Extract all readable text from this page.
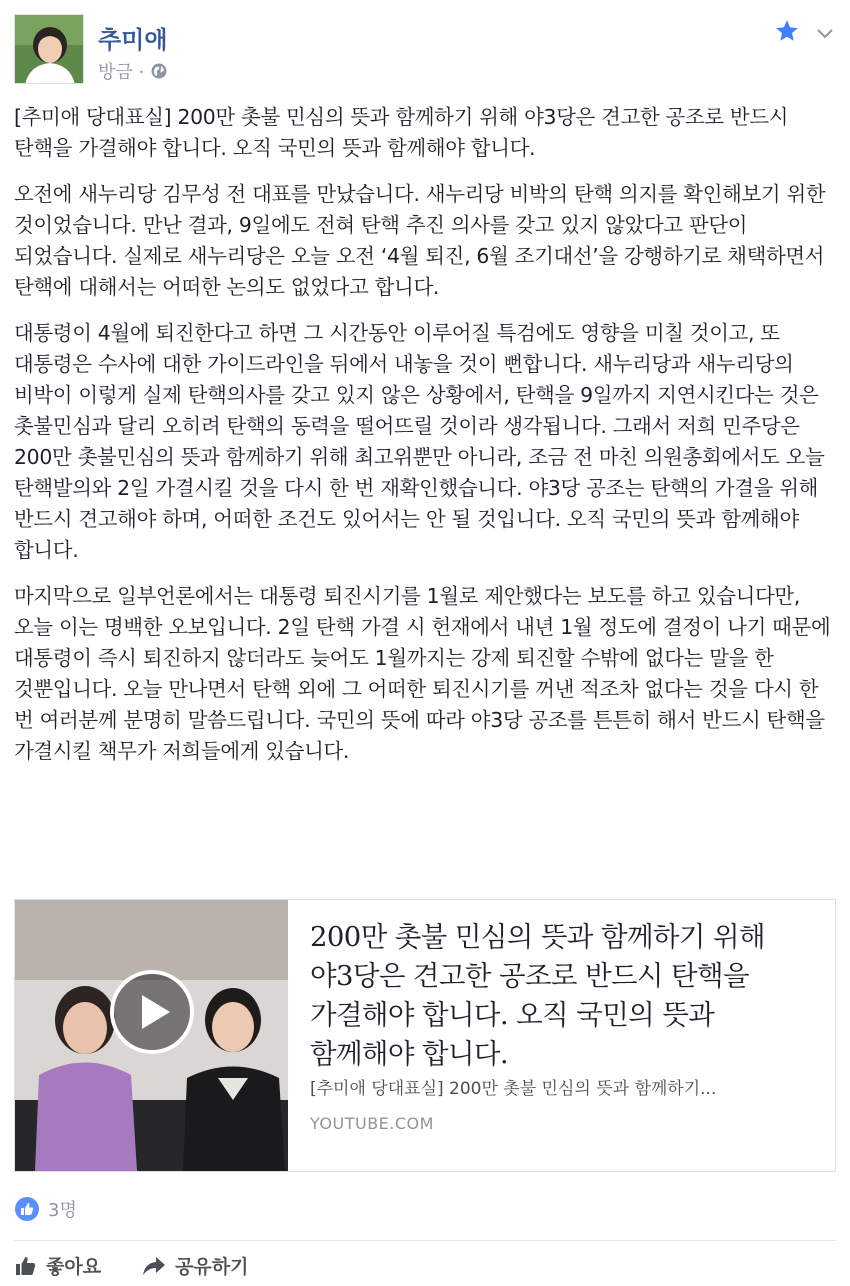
추미애
방금 ·

[추미애 당대표실] 200만 촛불 민심의 뜻과 함께하기 위해 야3당은 견고한 공조로 반드시 탄핵을 가결해야 합니다. 오직 국민의 뜻과 함께해야 합니다.

오전에 새누리당 김무성 전 대표를 만났습니다. 새누리당 비박의 탄핵 의지를 확인해보기 위한 것이었습니다. 만난 결과, 9일에도 전혀 탄핵 추진 의사를 갖고 있지 않았다고 판단이 되었습니다. 실제로 새누리당은 오늘 오전 ‘4월 퇴진, 6월 조기대선’을 강행하기로 채택하면서 탄핵에 대해서는 어떠한 논의도 없었다고 합니다.

대통령이 4월에 퇴진한다고 하면 그 시간동안 이루어질 특검에도 영향을 미칠 것이고, 또 대통령은 수사에 대한 가이드라인을 뒤에서 내놓을 것이 뻔합니다. 새누리당과 새누리당의 비박이 이렇게 실제 탄핵의사를 갖고 있지 않은 상황에서, 탄핵을 9일까지 지연시킨다는 것은 촛불민심과 달리 오히려 탄핵의 동력을 떨어뜨릴 것이라 생각됩니다. 그래서 저희 민주당은 200만 촛불민심의 뜻과 함께하기 위해 최고위뿐만 아니라, 조금 전 마친 의원총회에서도 오늘 탄핵발의와 2일 가결시킬 것을 다시 한 번 재확인했습니다. 야3당 공조는 탄핵의 가결을 위해 반드시 견고해야 하며, 어떠한 조건도 있어서는 안 될 것입니다. 오직 국민의 뜻과 함께해야 합니다.

마지막으로 일부언론에서는 대통령 퇴진시기를 1월로 제안했다는 보도를 하고 있습니다만, 오늘 이는 명백한 오보입니다. 2일 탄핵 가결 시 헌재에서 내년 1월 정도에 결정이 나기 때문에 대통령이 즉시 퇴진하지 않더라도 늦어도 1월까지는 강제 퇴진할 수밖에 없다는 말을 한 것뿐입니다. 오늘 만나면서 탄핵 외에 그 어떠한 퇴진시기를 꺼낸 적조차 없다는 것을 다시 한 번 여러분께 분명히 말씀드립니다. 국민의 뜻에 따라 야3당 공조를 튼튼히 해서 반드시 탄핵을 가결시킬 책무가 저희들에게 있습니다.

200만 촛불 민심의 뜻과 함께하기 위해 야3당은 견고한 공조로 반드시 탄핵을 가결해야 합니다. 오직 국민의 뜻과 함께해야 합니다.
[추미애 당대표실] 200만 촛불 민심의 뜻과 함께하기...
YOUTUBE.COM
3명
좋아요	공유하기
